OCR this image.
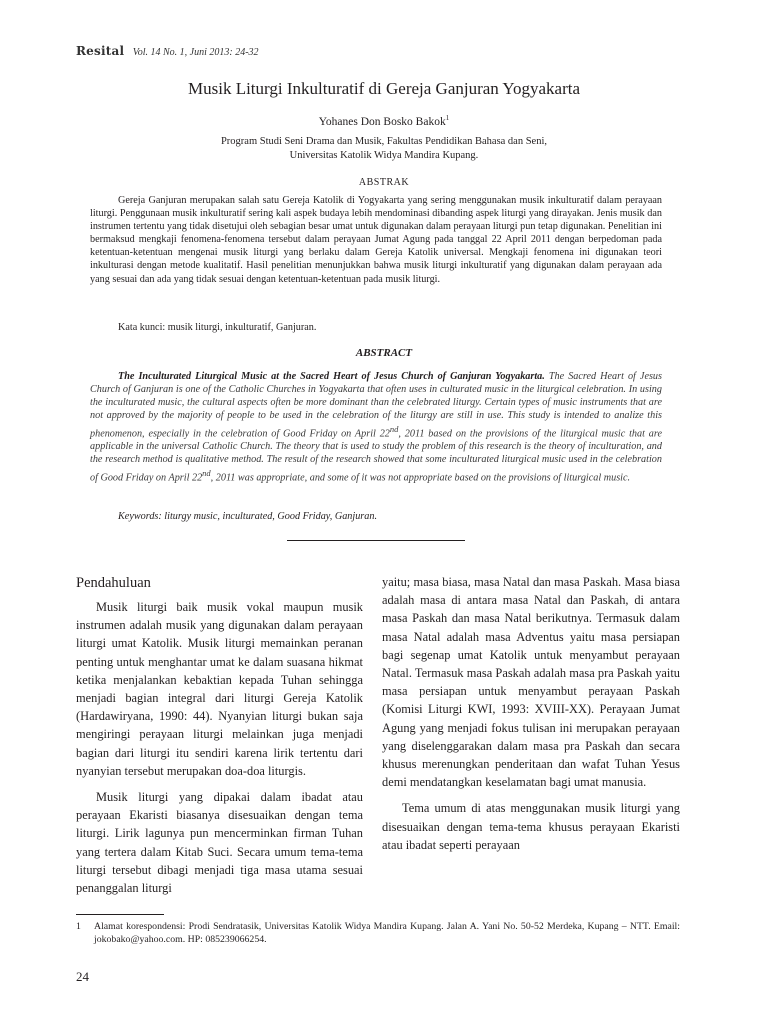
Resital Vol. 14 No. 1, Juni 2013: 24-32
Musik Liturgi Inkulturatif di Gereja Ganjuran Yogyakarta
Yohanes Don Bosko Bakok$^1$
Program Studi Seni Drama dan Musik, Fakultas Pendidikan Bahasa dan Seni,
Universitas Katolik Widya Mandira Kupang.
ABSTRAK

Gereja Ganjuran merupakan salah satu Gereja Katolik di Yogyakarta yang sering menggunakan musik inkulturatif dalam perayaan liturgi. Penggunaan musik inkulturatif sering kali aspek budaya lebih mendominasi dibanding aspek liturgi yang dirayakan. Jenis musik dan instrumen tertentu yang tidak disetujui oleh sebagian besar umat untuk digunakan dalam perayaan liturgi pun tetap digunakan. Penelitian ini bermaksud mengkaji fenomena-fenomena tersebut dalam perayaan Jumat Agung pada tanggal 22 April 2011 dengan berpedoman pada ketentuan-ketentuan mengenai musik liturgi yang berlaku dalam Gereja Katolik universal. Mengkaji fenomena ini digunakan teori inkulturasi dengan metode kualitatif. Hasil penelitian menunjukkan bahwa musik liturgi inkulturatif yang digunakan dalam perayaan ada yang sesuai dan ada yang tidak sesuai dengan ketentuan-ketentuan pada musik liturgi.

Kata kunci: musik liturgi, inkulturatif, Ganjuran.

ABSTRACT

The Inculturated Liturgical Music at the Sacred Heart of Jesus Church of Ganjuran Yogyakarta. The Sacred Heart of Jesus Church of Ganjuran is one of the Catholic Churches in Yogyakarta that often uses in culturated music in the liturgical celebration. In using the inculturated music, the cultural aspects often be more dominant than the celebrated liturgy. Certain types of music instruments that are not approved by the majority of people to be used in the celebration of the liturgy are still in use. This study is intended to analize this phenomenon, especially in the celebration of Good Friday on April 22nd, 2011 based on the provisions of the liturgical music that are applicable in the universal Catholic Church. The theory that is used to study the problem of this research is the theory of inculturation, and the research method is qualitative method. The result of the research showed that some inculturated liturgical music used in the celebration of Good Friday on April 22nd, 2011 was appropriate, and some of it was not appropriate based on the provisions of liturgical music.

Keywords: liturgy music, inculturated, Good Friday, Ganjuran.

Pendahuluan

Musik liturgi baik musik vokal maupun musik instrumen adalah musik yang digunakan dalam perayaan liturgi umat Katolik. Musik liturgi memainkan peranan penting untuk menghantar umat ke dalam suasana hikmat ketika menjalankan kebaktian kepada Tuhan sehingga menjadi bagian integral dari liturgi Gereja Katolik (Hardawiryana, 1990: 44). Nyanyian liturgi bukan saja mengiringi perayaan liturgi melainkan juga menjadi bagian dari liturgi itu sendiri karena lirik tertentu dari nyanyian tersebut merupakan doa-doa liturgis.

Musik liturgi yang dipakai dalam ibadat atau perayaan Ekaristi biasanya disesuaikan dengan tema liturgi. Lirik lagunya pun mencerminkan firman Tuhan yang tertera dalam Kitab Suci. Secara umum tema-tema liturgi tersebut dibagi menjadi tiga masa utama sesuai penanggalan liturgi

yaitu; masa biasa, masa Natal dan masa Paskah. Masa biasa adalah masa di antara masa Natal dan Paskah, di antara masa Paskah dan masa Natal berikutnya. Termasuk dalam masa Natal adalah masa Adventus yaitu masa persiapan bagi segenap umat Katolik untuk menyambut perayaan Natal. Termasuk masa Paskah adalah masa pra Paskah yaitu masa persiapan untuk menyambut perayaan Paskah (Komisi Liturgi KWI, 1993: XVIII-XX). Perayaan Jumat Agung yang menjadi fokus tulisan ini merupakan perayaan yang diselenggarakan dalam masa pra Paskah dan secara khusus merenungkan penderitaan dan wafat Tuhan Yesus demi mendatangkan keselamatan bagi umat manusia.

Tema umum di atas menggunakan musik liturgi yang disesuaikan dengan tema-tema khusus perayaan Ekaristi atau ibadat seperti perayaan

1 Alamat korespondensi: Prodi Sendratasik, Universitas Katolik Widya Mandira Kupang. Jalan A. Yani No. 50-52 Merdeka, Kupang – NTT. Email: jokobako@yahoo.com. HP: 085239066254.
24
